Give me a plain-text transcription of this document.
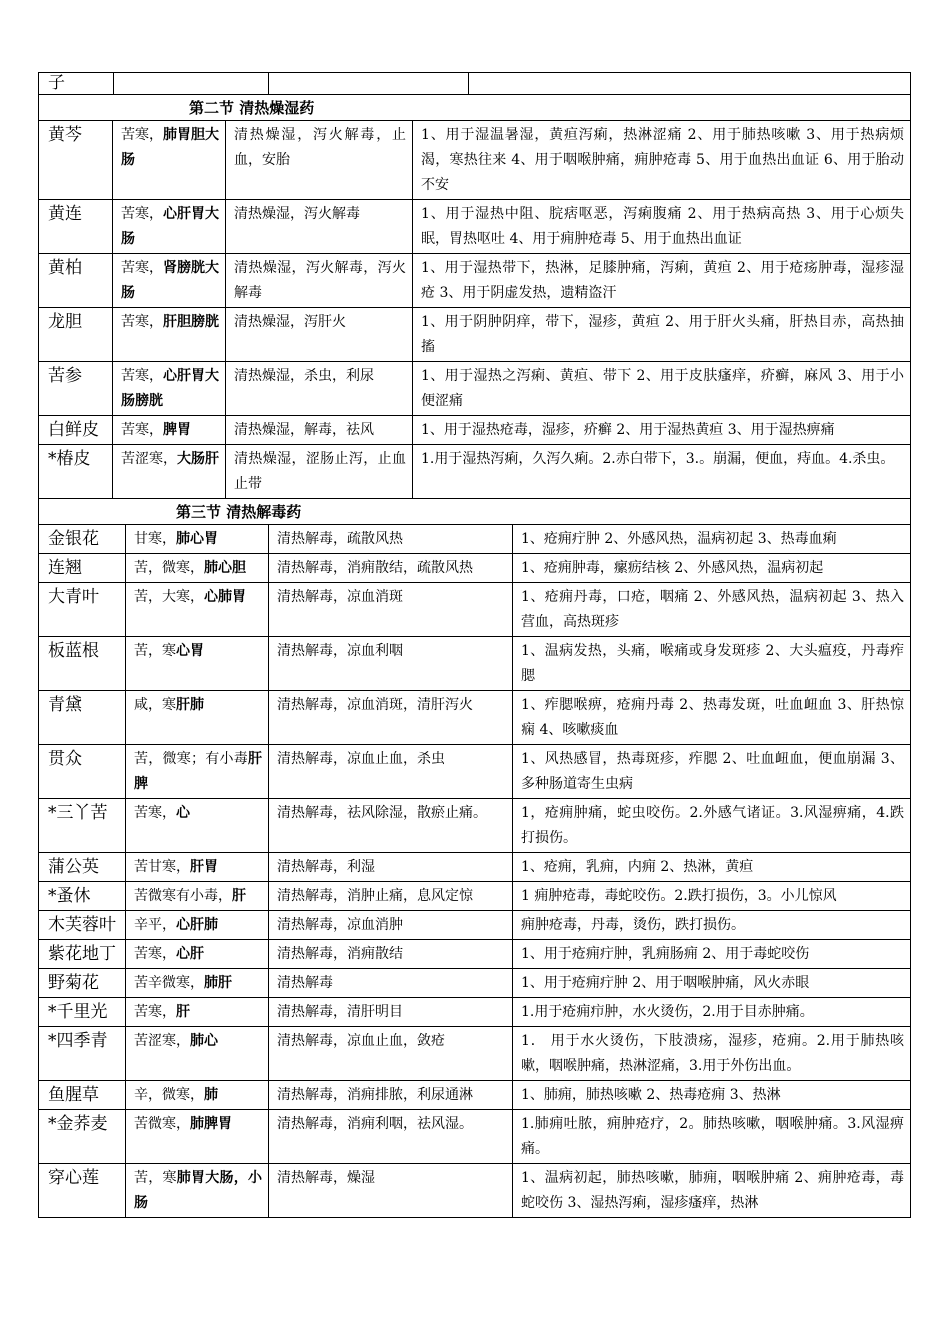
子			
第二节 清热燥湿药			
黄芩	苦寒，肺胃胆大肠	清热燥湿，泻火解毒，止血，安胎	1、用于湿温暑湿，黄疸泻痢，热淋涩痛 2、用于肺热咳嗽 3、用于热病烦渴，寒热往来 4、用于咽喉肿痛，痈肿疮毒 5、用于血热出血证 6、用于胎动不安
黄连	苦寒，心肝胃大肠	清热燥湿，泻火解毒	1、用于湿热中阻、脘痞呕恶，泻痢腹痛 2、用于热病高热 3、用于心烦失眠，胃热呕吐 4、用于痈肿疮毒 5、用于血热出血证
黄柏	苦寒，肾膀胱大肠	清热燥湿，泻火解毒，泻火解毒	1、用于湿热带下，热淋，足膝肿痛，泻痢，黄疸 2、用于疮疡肿毒，湿疹湿疮 3、用于阴虚发热，遗精盗汗
龙胆	苦寒，肝胆膀胱	清热燥湿，泻肝火	1、用于阴肿阴痒，带下，湿疹，黄疸 2、用于肝火头痛，肝热目赤，高热抽搐
苦参	苦寒，心肝胃大肠膀胱	清热燥湿，杀虫，利尿	1、用于湿热之泻痢、黄疸、带下 2、用于皮肤瘙痒，疥癣，麻风 3、用于小便涩痛
白鲜皮	苦寒，脾胃	清热燥湿，解毒，祛风	1、用于湿热疮毒，湿疹，疥癣 2、用于湿热黄疸 3、用于湿热痹痛
*椿皮	苦涩寒，大肠肝	清热燥湿，涩肠止泻，止血止带	1.用于湿热泻痢，久泻久痢。2.赤白带下，3.。崩漏，便血，痔血。4.杀虫。
第三节 清热解毒药			
金银花	甘寒，肺心胃	清热解毒，疏散风热	1、疮痈疔肿 2、外感风热，温病初起 3、热毒血痢
连翘	苦，微寒，肺心胆	清热解毒，消痈散结，疏散风热	1、疮痈肿毒，瘰疬结核 2、外感风热，温病初起
大青叶	苦，大寒，心肺胃	清热解毒，凉血消斑	1、疮痈丹毒，口疮，咽痛 2、外感风热，温病初起 3、热入营血，高热斑疹
板蓝根	苦，寒心胃	清热解毒，凉血利咽	1、温病发热，头痛，喉痛或身发斑疹 2、大头瘟疫，丹毒痄腮
青黛	咸，寒肝肺	清热解毒，凉血消斑，清肝泻火	1、痄腮喉痹，疮痈丹毒 2、热毒发斑，吐血衄血 3、肝热惊痫 4、咳嗽痰血
贯众	苦，微寒；有小毒肝脾	清热解毒，凉血止血，杀虫	1、风热感冒，热毒斑疹，痄腮 2、吐血衄血，便血崩漏 3、多种肠道寄生虫病
*三丫苦	苦寒，心	清热解毒，祛风除湿，散瘀止痛。	1，疮痈肿痛，蛇虫咬伤。2.外感气诸证。3.风湿痹痛，4.跌打损伤。
蒲公英	苦甘寒，肝胃	清热解毒，利湿	1、疮痈，乳痈，内痈 2、热淋，黄疸
*蚤休	苦微寒有小毒，肝	清热解毒，消肿止痛，息风定惊	1 痈肿疮毒，毒蛇咬伤。2.跌打损伤，3。小儿惊风
木芙蓉叶	辛平，心肝肺	清热解毒，凉血消肿	痈肿疮毒，丹毒，烫伤，跌打损伤。
紫花地丁	苦寒，心肝	清热解毒，消痈散结	1、用于疮痈疔肿，乳痈肠痈 2、用于毒蛇咬伤
野菊花	苦辛微寒，肺肝	清热解毒	1、用于疮痈疔肿 2、用于咽喉肿痛，风火赤眼
*千里光	苦寒，肝	清热解毒，清肝明目	1.用于疮痈疖肿，水火烫伤，2.用于目赤肿痛。
*四季青	苦涩寒，肺心	清热解毒，凉血止血，敛疮	1． 用于水火烫伤，下肢溃疡，湿疹，疮痈。2.用于肺热咳嗽，咽喉肿痛，热淋涩痛，3.用于外伤出血。
鱼腥草	辛，微寒，肺	清热解毒，消痈排脓，利尿通淋	1、肺痈，肺热咳嗽 2、热毒疮痈 3、热淋
*金荞麦	苦微寒，肺脾胃	清热解毒，消痈利咽，祛风湿。	1.肺痈吐脓，痈肿疮疗，2。肺热咳嗽，咽喉肿痛。3.风湿痹痛。
穿心莲	苦，寒肺胃大肠，小肠	清热解毒，燥湿	1、温病初起，肺热咳嗽，肺痈，咽喉肿痛 2、痈肿疮毒，毒蛇咬伤 3、湿热泻痢，湿疹瘙痒，热淋
